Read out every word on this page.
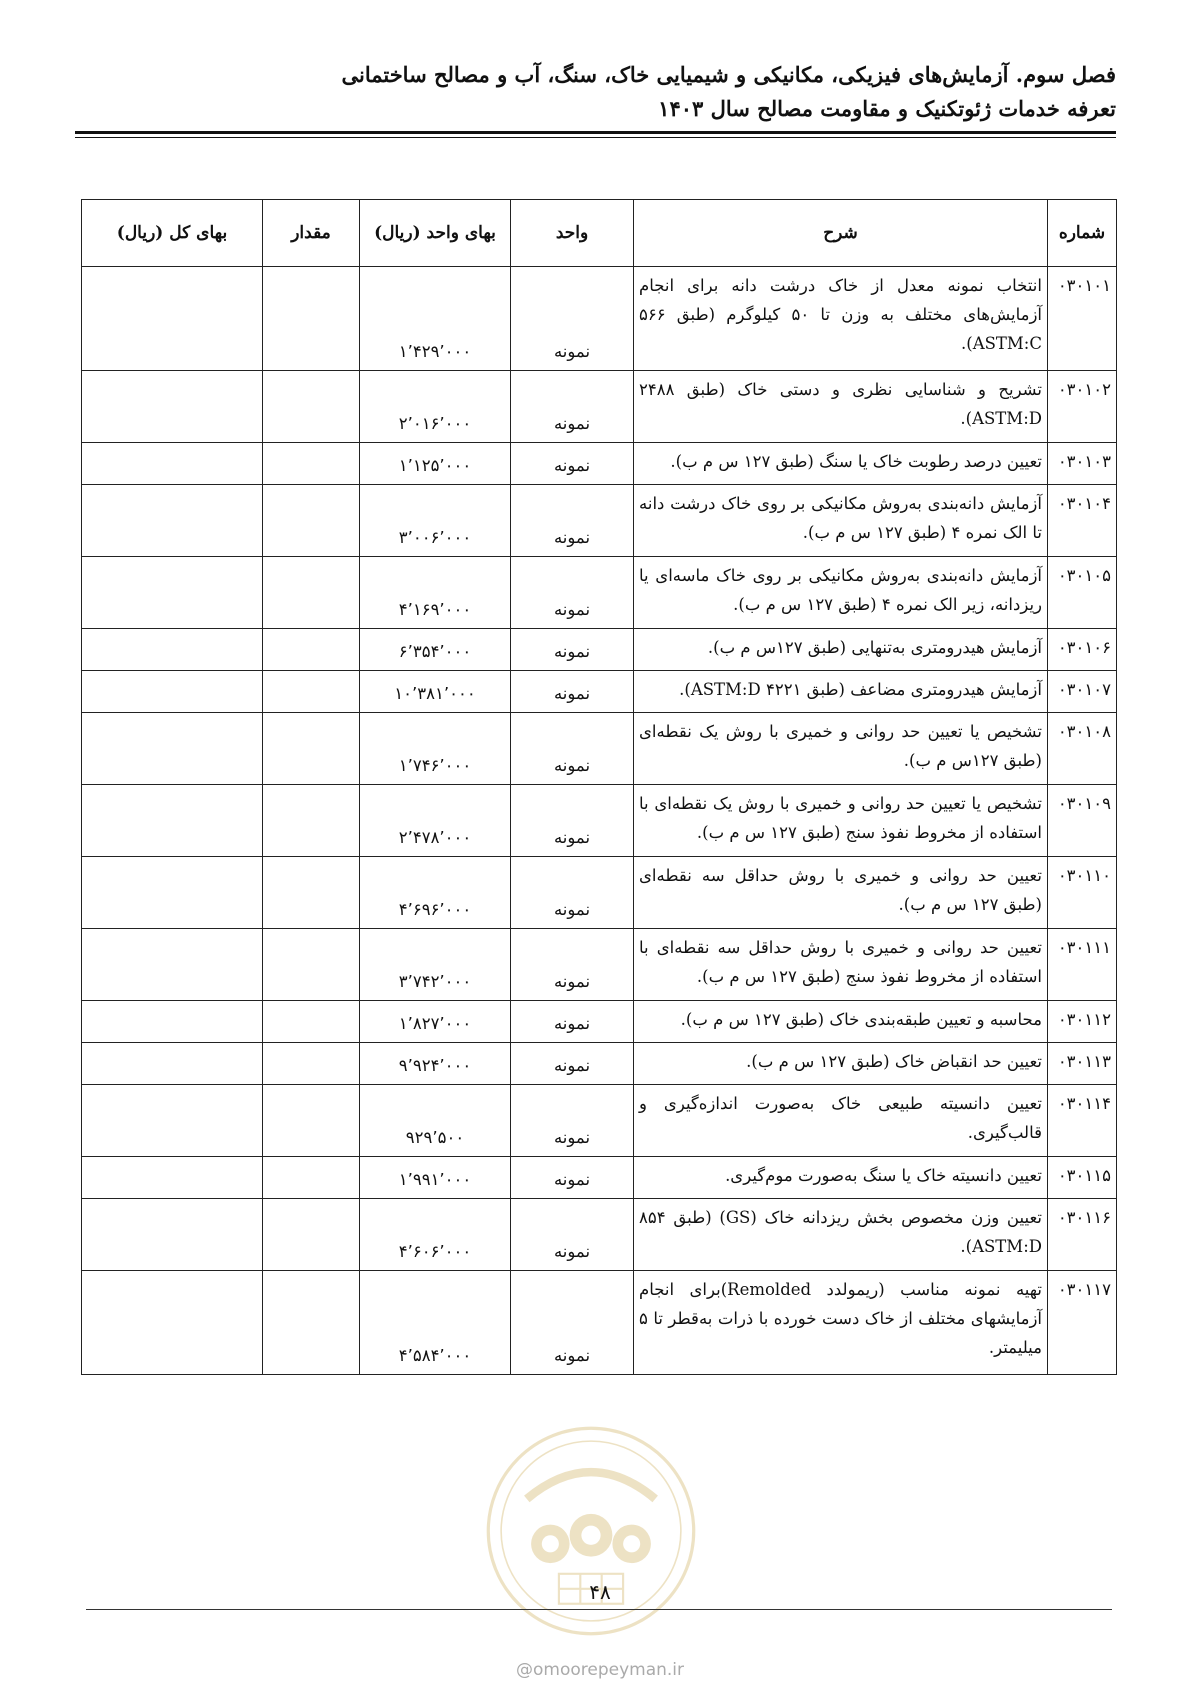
فصل سوم. آزمایش‌های فیزیکی، مکانیکی و شیمیایی خاک، سنگ، آب و مصالح ساختمانی
تعرفه خدمات ژئوتکنیک و مقاومت مصالح سال ۱۴۰۳
شماره	شرح	واحد	بهای واحد (ریال)	مقدار	بهای کل (ریال)
۰۳۰۱۰۱	انتخاب نمونه معدل از خاک درشت دانه برای انجام آزمایش‌های مختلف به وزن تا ۵۰ کیلوگرم (طبق ۵۶۶ ASTM:C).	نمونه	۱٬۴۲۹٬۰۰۰		
۰۳۰۱۰۲	تشریح و شناسایی نظری و دستی خاک (طبق ۲۴۸۸ ASTM:D).	نمونه	۲٬۰۱۶٬۰۰۰		
۰۳۰۱۰۳	تعیین درصد رطوبت خاک یا سنگ (طبق ۱۲۷ س م ب).	نمونه	۱٬۱۲۵٬۰۰۰		
۰۳۰۱۰۴	آزمایش دانه‌بندی به‌روش مکانیکی بر روی خاک درشت دانه تا الک نمره ۴ (طبق ۱۲۷ س م ب).	نمونه	۳٬۰۰۶٬۰۰۰		
۰۳۰۱۰۵	آزمایش دانه‌بندی به‌روش مکانیکی بر روی خاک ماسه‌ای یا ریزدانه، زیر الک نمره ۴ (طبق ۱۲۷ س م ب).	نمونه	۴٬۱۶۹٬۰۰۰		
۰۳۰۱۰۶	آزمایش هیدرومتری به‌تنهایی (طبق ۱۲۷س م ب).	نمونه	۶٬۳۵۴٬۰۰۰		
۰۳۰۱۰۷	آزمایش هیدرومتری مضاعف (طبق ۴۲۲۱ ASTM:D).	نمونه	۱۰٬۳۸۱٬۰۰۰		
۰۳۰۱۰۸	تشخیص یا تعیین حد روانی و خمیری با روش یک نقطه‌ای (طبق ۱۲۷س م ب).	نمونه	۱٬۷۴۶٬۰۰۰		
۰۳۰۱۰۹	تشخیص یا تعیین حد روانی و خمیری با روش یک نقطه‌ای با استفاده از مخروط نفوذ سنج (طبق ۱۲۷ س م ب).	نمونه	۲٬۴۷۸٬۰۰۰		
۰۳۰۱۱۰	تعیین حد روانی و خمیری با روش حداقل سه نقطه‌ای (طبق ۱۲۷ س م ب).	نمونه	۴٬۶۹۶٬۰۰۰		
۰۳۰۱۱۱	تعیین حد روانی و خمیری با روش حداقل سه نقطه‌ای با استفاده از مخروط نفوذ سنج (طبق ۱۲۷ س م ب).	نمونه	۳٬۷۴۲٬۰۰۰		
۰۳۰۱۱۲	محاسبه و تعیین طبقه‌بندی خاک (طبق ۱۲۷ س م ب).	نمونه	۱٬۸۲۷٬۰۰۰		
۰۳۰۱۱۳	تعیین حد انقباض خاک (طبق ۱۲۷ س م ب).	نمونه	۹٬۹۲۴٬۰۰۰		
۰۳۰۱۱۴	تعیین دانسیته طبیعی خاک به‌صورت اندازه‌گیری و قالب‌گیری.	نمونه	۹۲۹٬۵۰۰		
۰۳۰۱۱۵	تعیین دانسیته خاک یا سنگ به‌صورت موم‌گیری.	نمونه	۱٬۹۹۱٬۰۰۰		
۰۳۰۱۱۶	تعیین وزن مخصوص بخش ریزدانه خاک (GS) (طبق ۸۵۴ ASTM:D).	نمونه	۴٬۶۰۶٬۰۰۰		
۰۳۰۱۱۷	تهیه نمونه مناسب (ریمولدد Remolded)برای انجام آزمایشهای مختلف از خاک دست خورده با ذرات به‌قطر تا ۵ میلیمتر.	نمونه	۴٬۵۸۴٬۰۰۰		
۴۸
@omoorepeyman.ir
